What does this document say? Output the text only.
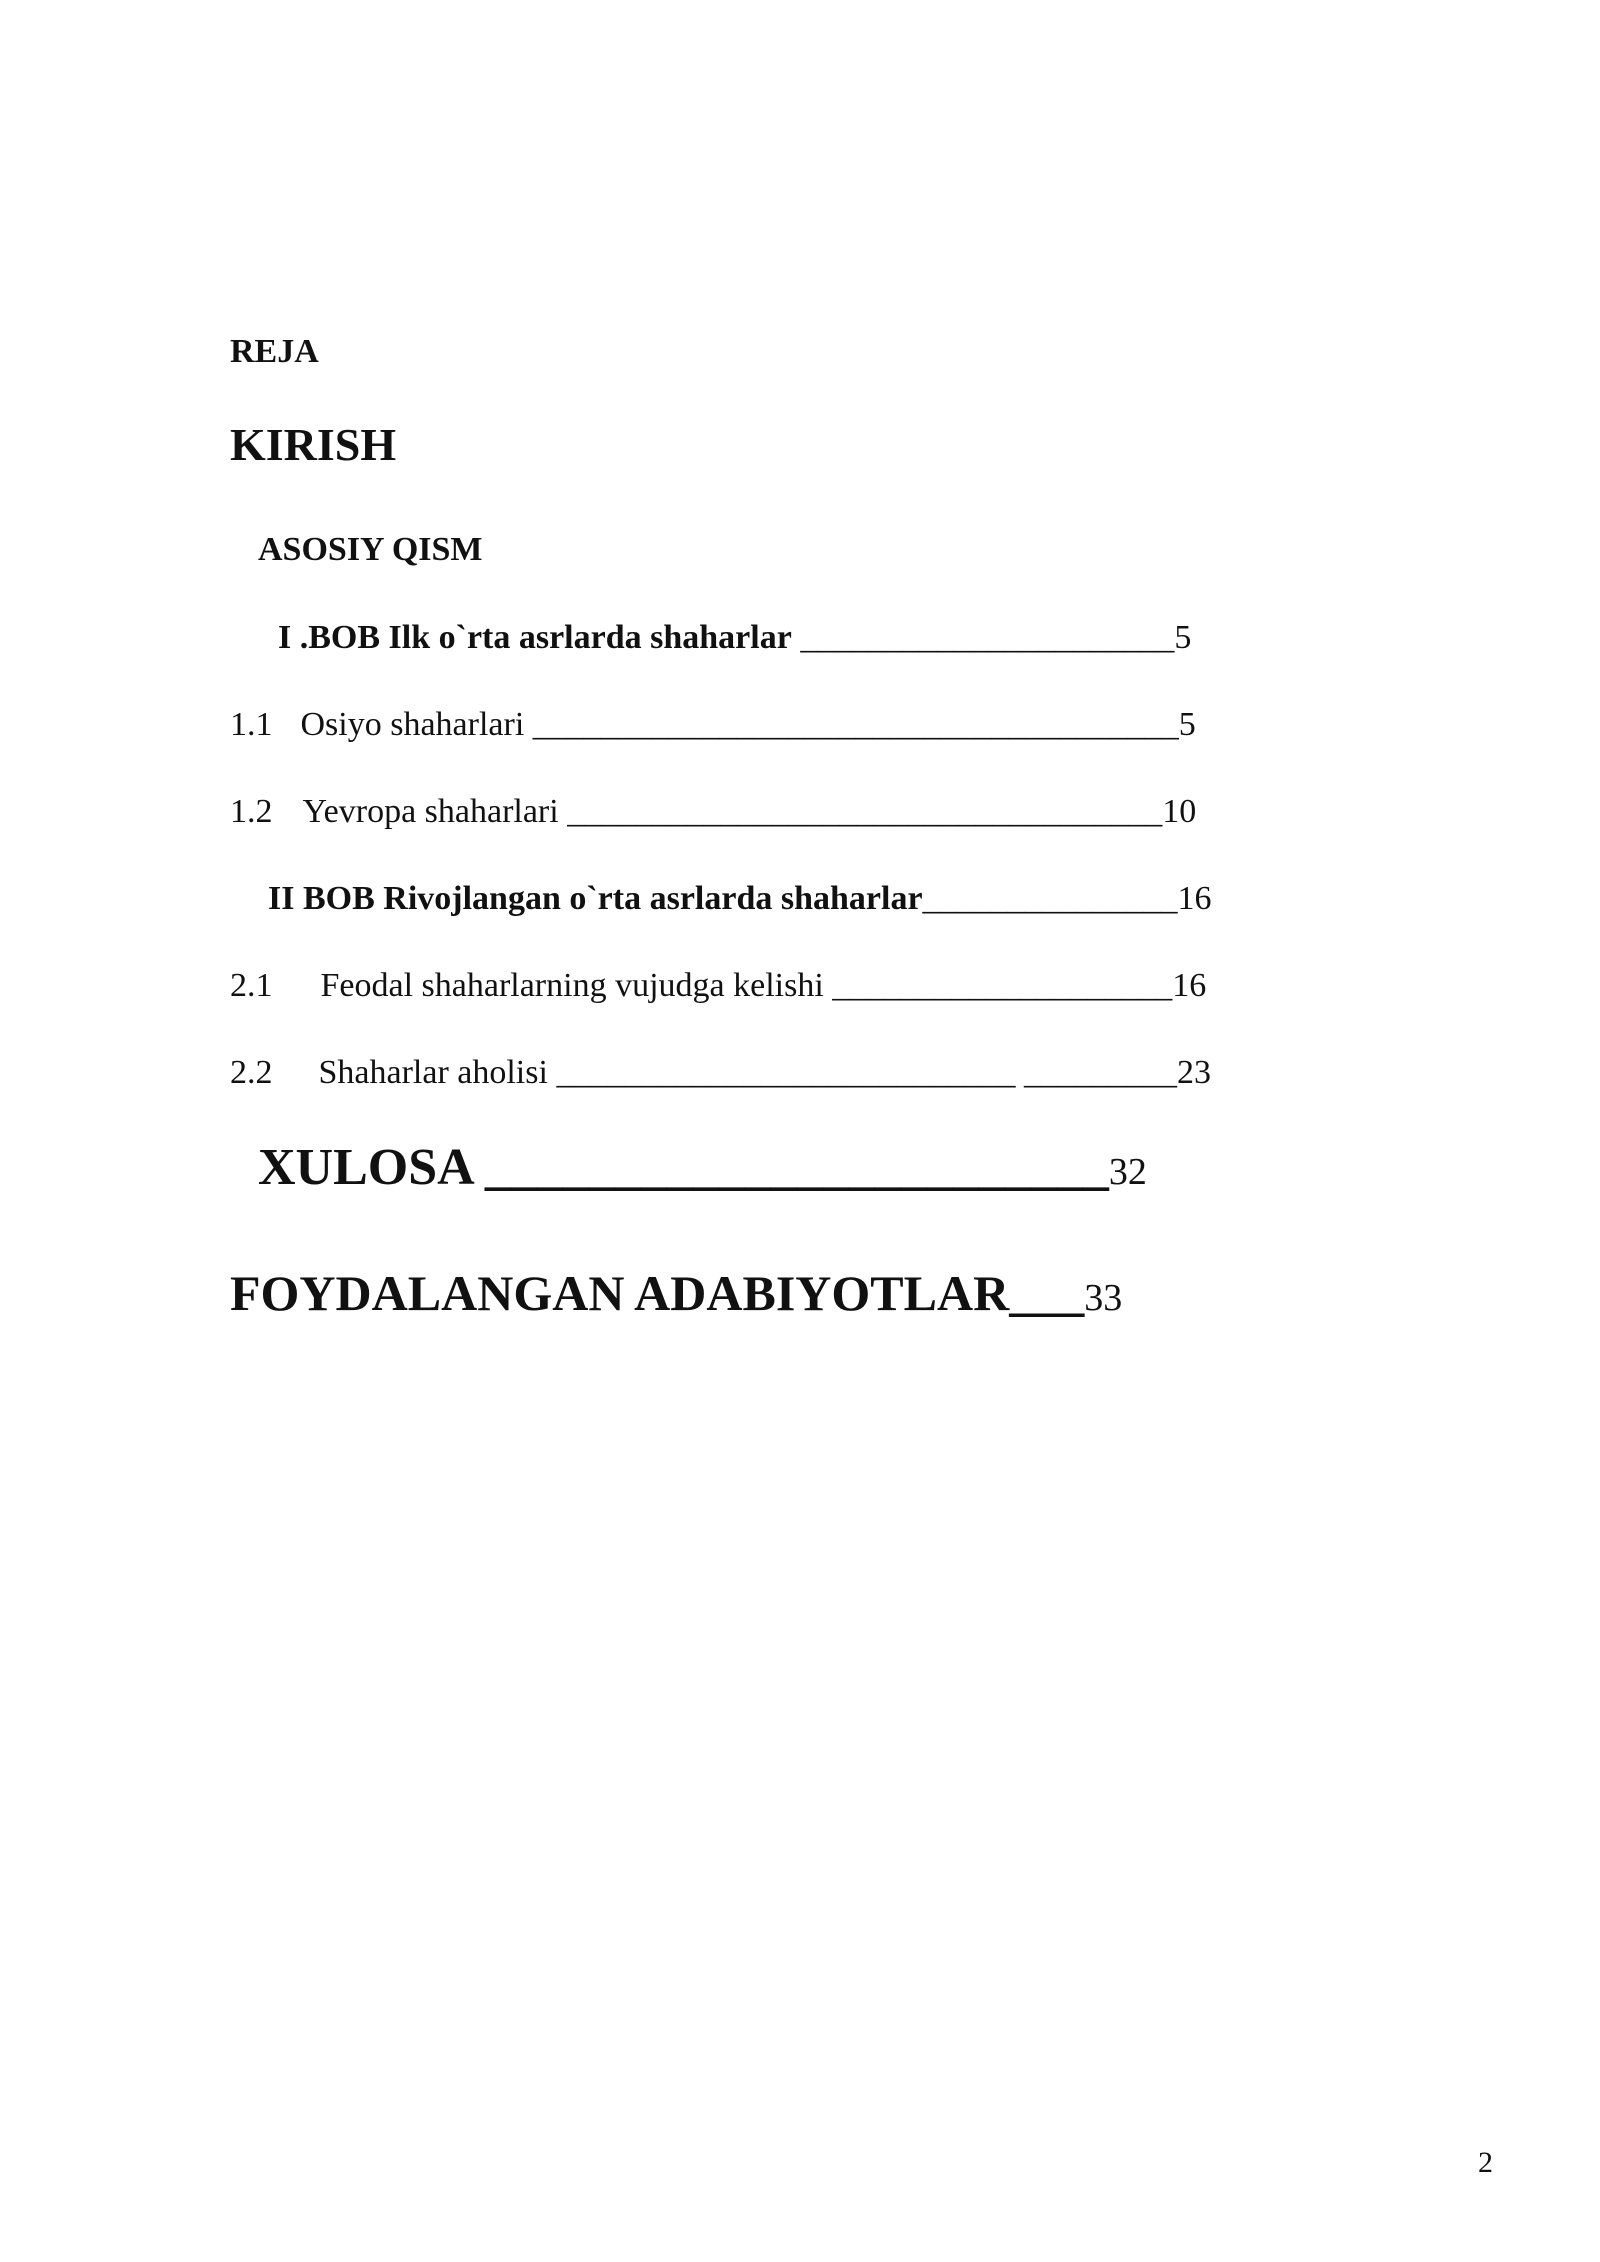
REJA
KIRISH
ASOSIY QISM
I .BOB Ilk o`rta asrlarda shaharlar ______________________5
1.1 Osiyo shaharlari ______________________________________5
1.2 Yevropa shaharlari ___________________________________10
II BOB Rivojlangan o`rta asrlarda shaharlar_______________16
2.1 Feodal shaharlarning vujudga kelishi ____________________16
2.2 Shaharlar aholisi ___________________________ _________23
XULOSA ________________________32
FOYDALANGAN ADABIYOTLAR___33
2
